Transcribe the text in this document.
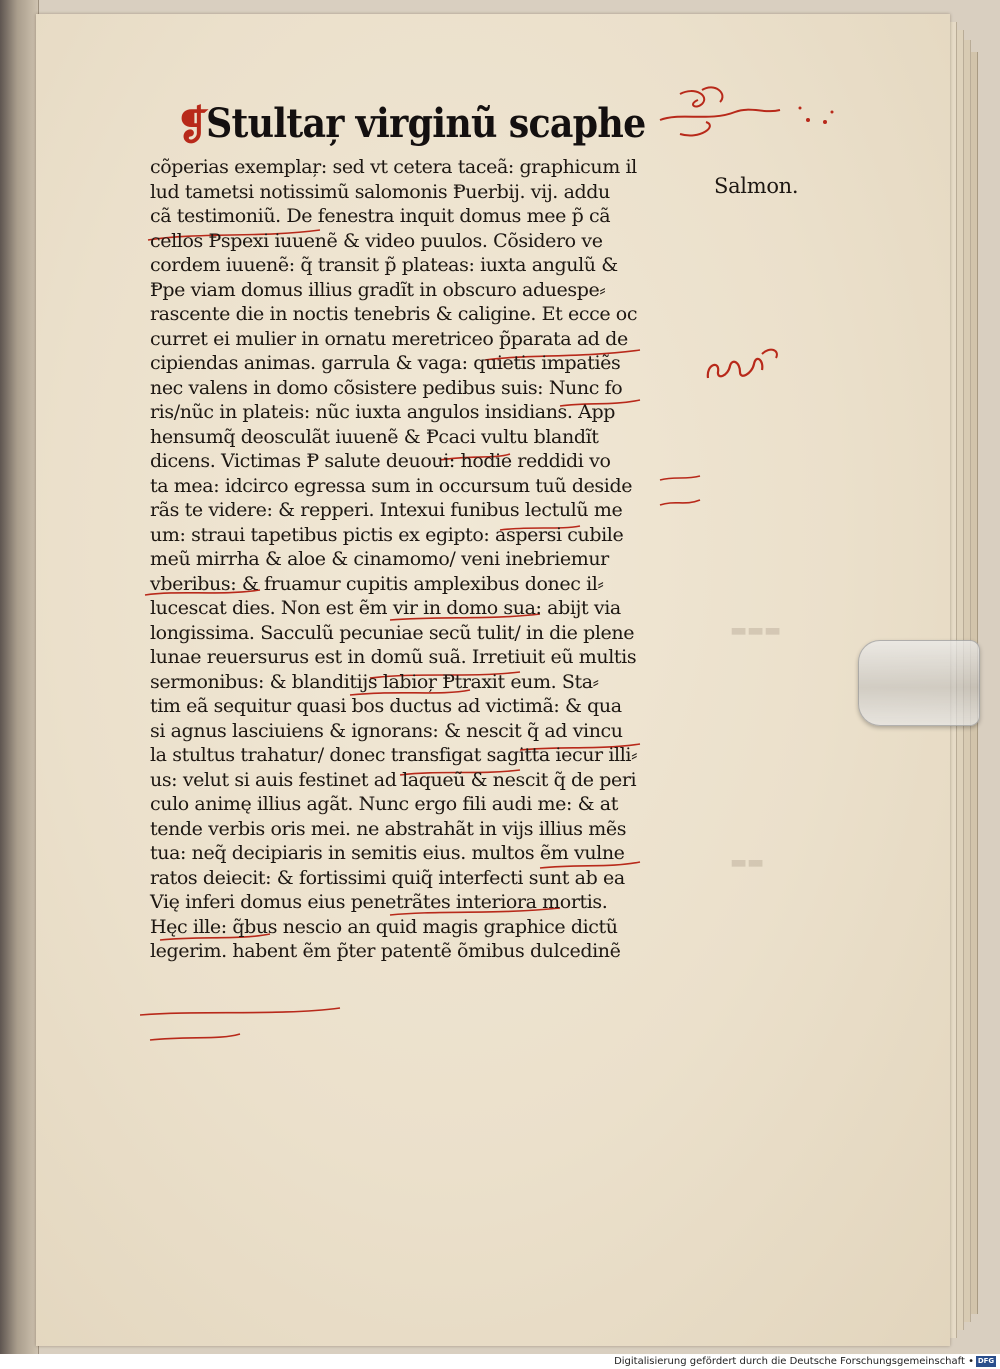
❡
Stultaŗ virginũ scaphe
▬▬▬
▬▬
Salmon.
cõperias exemplaŗ: sed vt cetera taceã: graphicum il
lud tametsi notissimũ salomonis Ᵽuerbij. vij. addu
cã testimoniũ. De fenestra inquit domus mee p̃ cã
cellos Ᵽspexi iuuenẽ & video puulos. Cõsidero ve
cordem iuuenẽ: q̃ transit p̃ plateas: iuxta angulũ &
Ᵽpe viam domus illius gradĩt in obscuro aduespe⸗
rascente die in noctis tenebris & caligine. Et ecce oc
curret ei mulier in ornatu meretriceo p̃parata ad de
cipiendas animas. garrula & vaga: quietis impatiẽs
nec valens in domo cõsistere pedibus suis: Nunc fo
ris/nũc in plateis: nũc iuxta angulos insidians. App
hensumq̃ deosculãt iuuenẽ & Ᵽcaci vultu blandĩt
dicens. Victimas Ᵽ salute deuoui: hodie reddidi vo
ta mea: idcirco egressa sum in occursum tuũ deside
rãs te videre: & repperi. Intexui funibus lectulũ me
um: straui tapetibus pictis ex egipto: aspersi cubile
meũ mirrha & aloe & cinamomo/ veni inebriemur
vberibus: & fruamur cupitis amplexibus donec il⸗
lucescat dies. Non est ẽm vir in domo sua: abijt via
longissima. Sacculũ pecuniae secũ tulit/ in die plene
lunae reuersurus est in domũ suã. Irretiuit eũ multis
sermonibus: & blanditijs labioŗ Ᵽtraxit eum. Sta⸗
tim eã sequitur quasi bos ductus ad victimã: & qua
si agnus lasciuiens & ignorans: & nescit q̃ ad vincu
la stultus trahatur/ donec transfigat sagitta iecur illi⸗
us: velut si auis festinet ad laqueũ & nescit q̃ de peri
culo animę illius agãt. Nunc ergo fili audi me: & at
tende verbis oris mei. ne abstrahãt in vijs illius mẽs
tua: neq̃ decipiaris in semitis eius. multos ẽm vulne
ratos deiecit: & fortissimi quiq̃ interfecti sunt ab ea
Vię inferi domus eius penetrãtes interiora mortis.
Hęc ille: q̃bus nescio an quid magis graphice dictũ
legerim. habent ẽm p̃ter patentẽ õmibus dulcedinẽ
Digitalisierung gefördert durch die Deutsche Forschungsgemeinschaft • DFG
